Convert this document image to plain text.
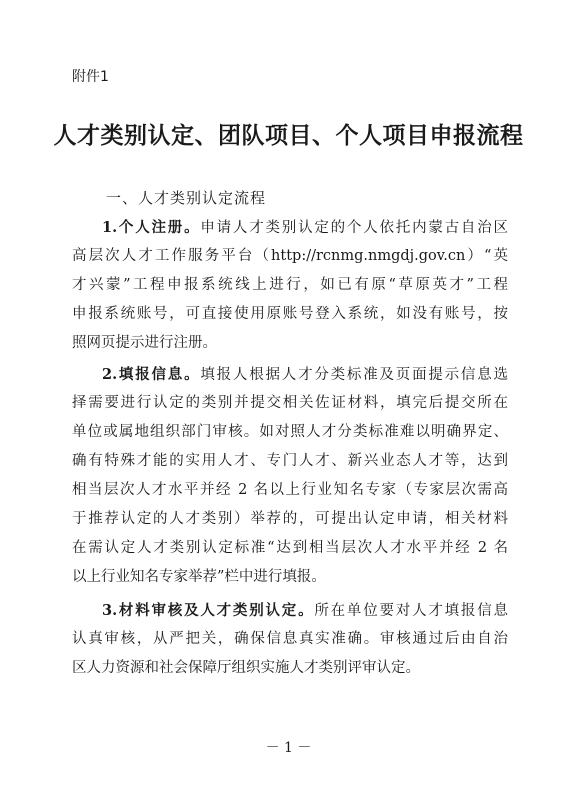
附件1
人才类别认定、团队项目、个人项目申报流程
一、人才类别认定流程
1.个人注册。申请人才类别认定的个人依托内蒙古自治区
高层次人才工作服务平台（http://rcnmg.nmgdj.gov.cn）“英
才兴蒙”工程申报系统线上进行，如已有原“草原英才”工程
申报系统账号，可直接使用原账号登入系统，如没有账号，按
照网页提示进行注册。
2.填报信息。填报人根据人才分类标准及页面提示信息选
择需要进行认定的类别并提交相关佐证材料，填完后提交所在
单位或属地组织部门审核。如对照人才分类标准难以明确界定、
确有特殊才能的实用人才、专门人才、新兴业态人才等，达到
相当层次人才水平并经 2 名以上行业知名专家（专家层次需高
于推荐认定的人才类别）举荐的，可提出认定申请，相关材料
在需认定人才类别认定标准“达到相当层次人才水平并经 2 名
以上行业知名专家举荐”栏中进行填报。
3.材料审核及人才类别认定。所在单位要对人才填报信息
认真审核，从严把关，确保信息真实准确。审核通过后由自治
区人力资源和社会保障厅组织实施人才类别评审认定。
－ 1 －
